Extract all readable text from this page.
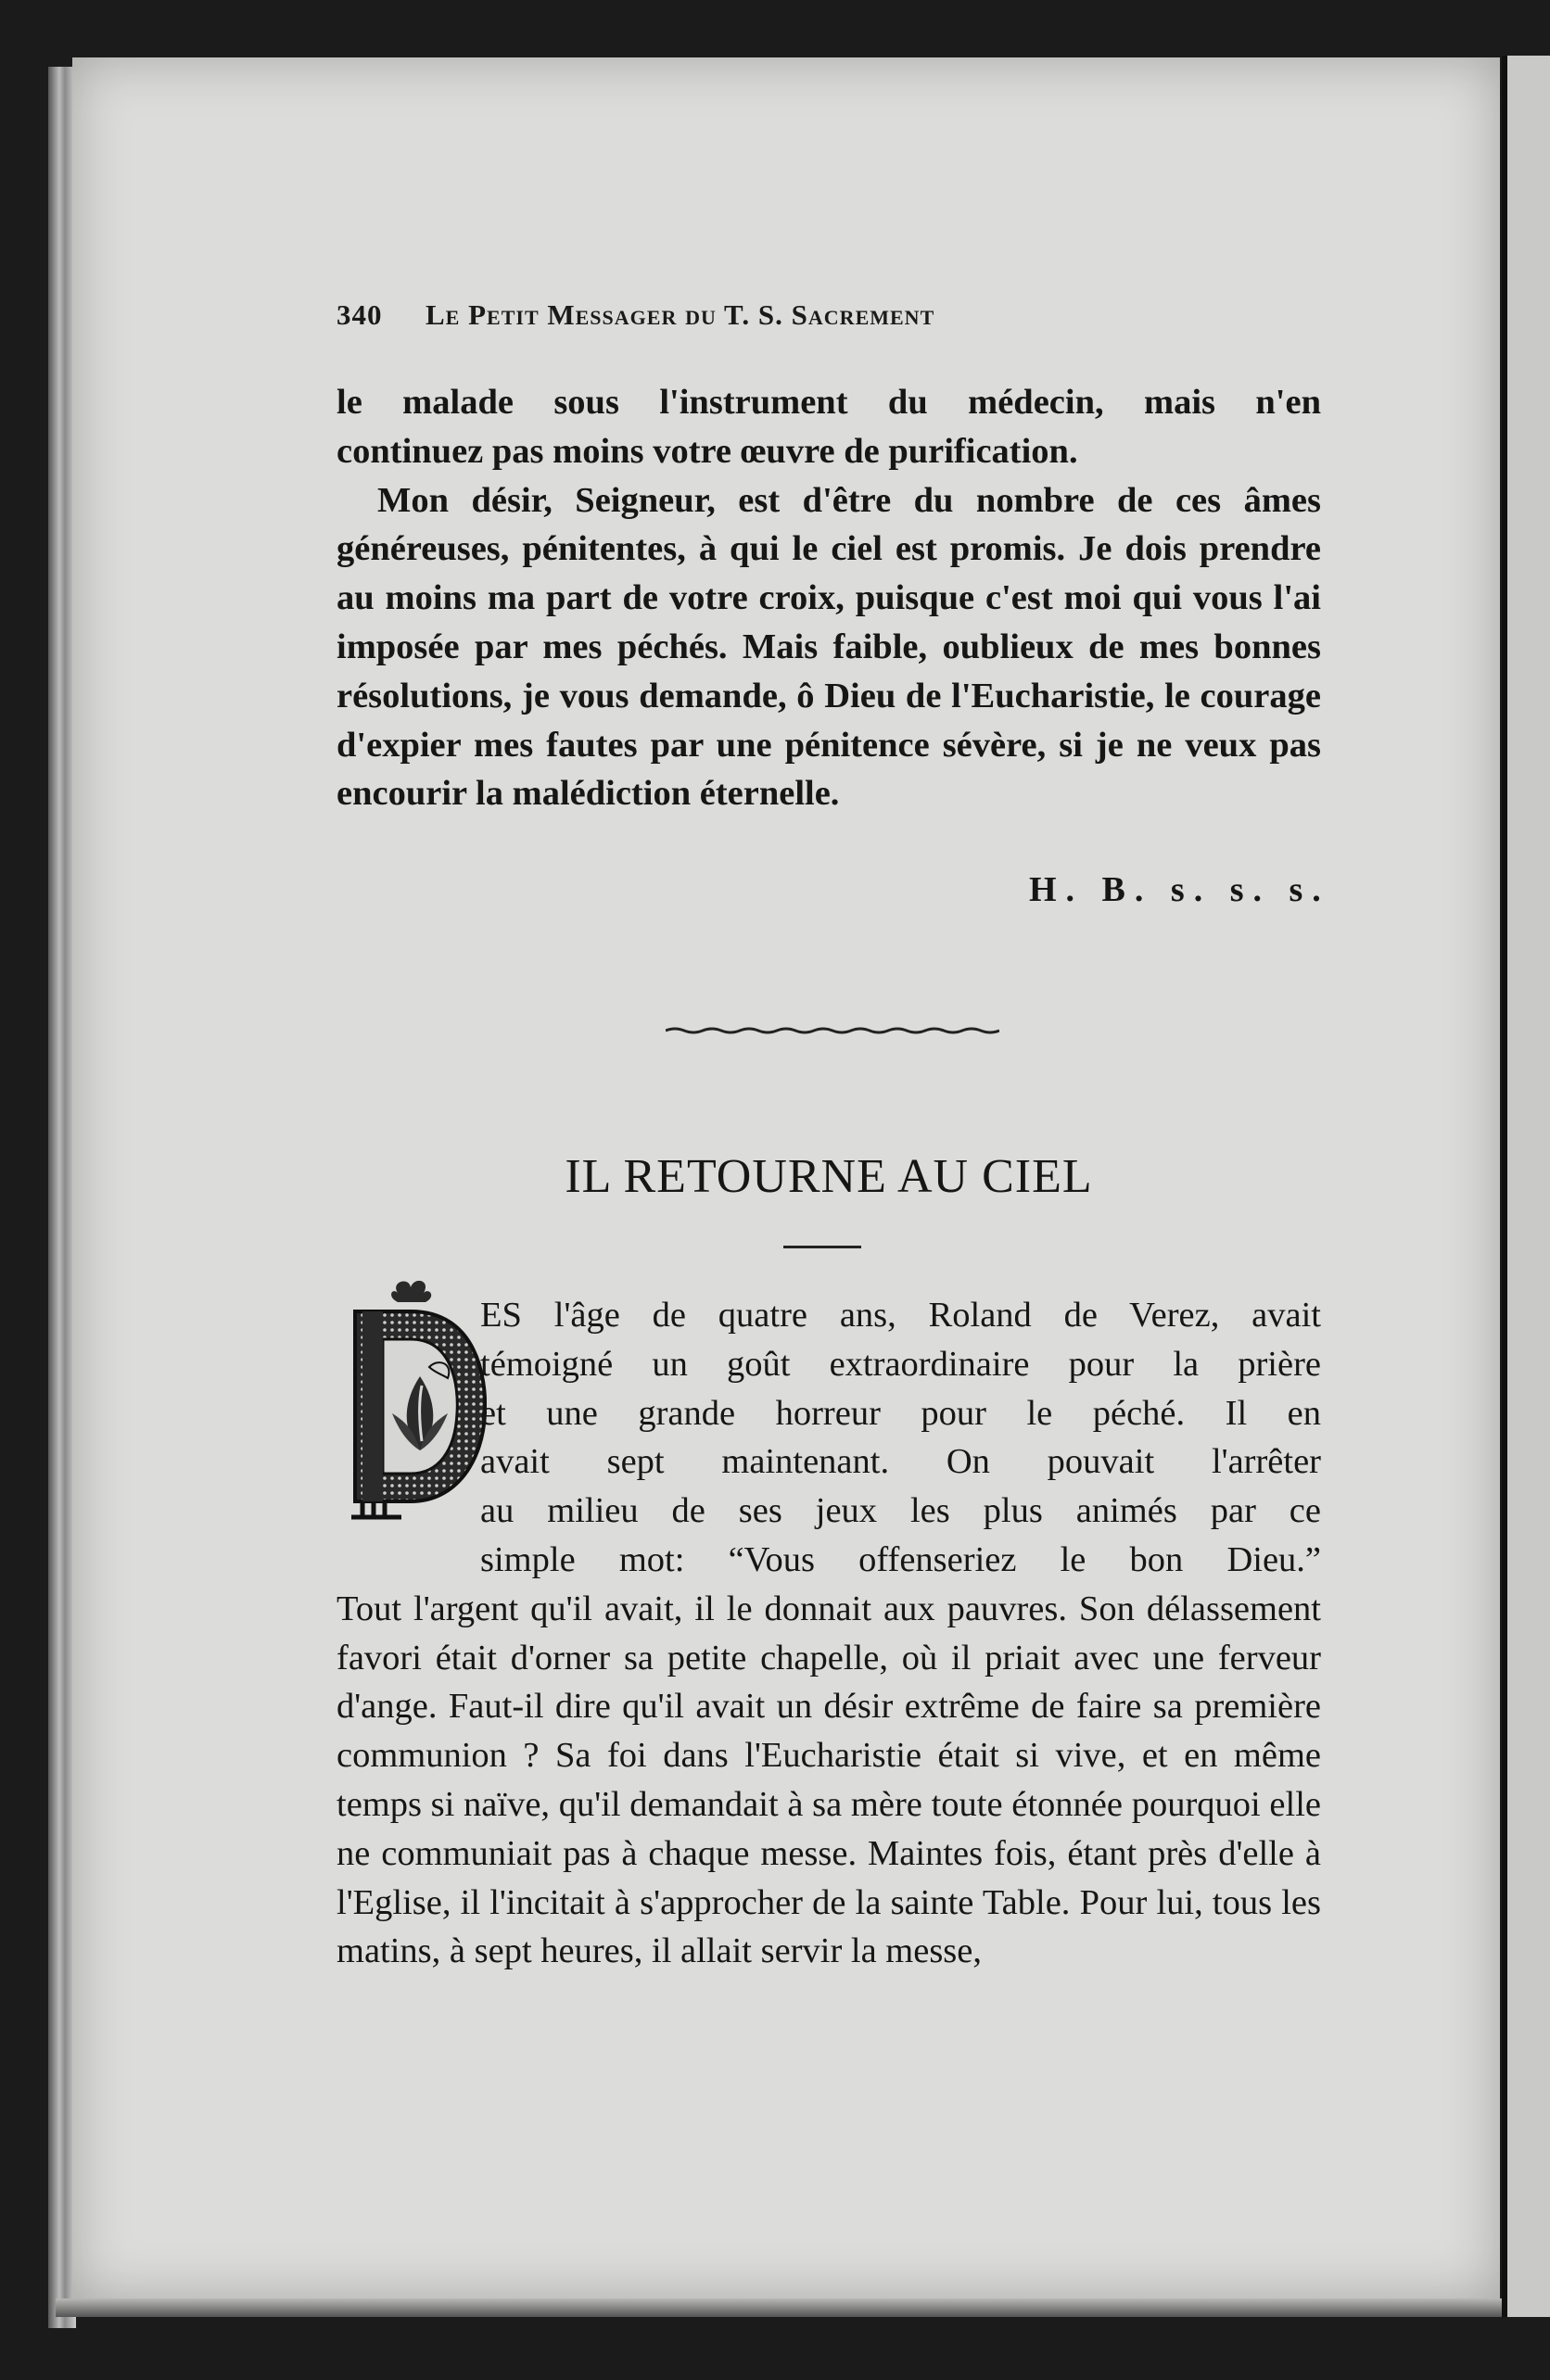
340 Le Petit Messager du T. S. Sacrement

le malade sous l'instrument du médecin, mais n'en

continuez pas moins votre œuvre de purification.

Mon désir, Seigneur, est d'être du nombre de ces âmes généreuses, pénitentes, à qui le ciel est promis. Je dois prendre au moins ma part de votre croix, puisque c'est moi qui vous l'ai imposée par mes péchés. Mais faible, oublieux de mes bonnes résolutions, je vous demande, ô Dieu de l'Eucharistie, le courage d'expier mes fautes par une pénitence sévère, si je ne veux pas encourir la malédiction éternelle.

H. B. s. s. s.
IL RETOURNE AU CIEL
ES l'âge de quatre ans, Roland de Verez, avait
témoigné un goût extraordinaire pour la prière
et une grande horreur pour le péché. Il en
avait sept maintenant. On pouvait l'arrêter
au milieu de ses jeux les plus animés par ce
simple mot: “Vous offenseriez le bon Dieu.”

Tout l'argent qu'il avait, il le donnait aux pauvres. Son délassement favori était d'orner sa petite chapelle, où il priait avec une ferveur d'ange. Faut-il dire qu'il avait un désir extrême de faire sa première communion ? Sa foi dans l'Eucharistie était si vive, et en même temps si naïve, qu'il demandait à sa mère toute étonnée pourquoi elle ne communiait pas à chaque messe. Maintes fois, étant près d'elle à l'Eglise, il l'incitait à s'approcher de la sainte Table. Pour lui, tous les matins, à sept heures, il allait servir la messe,
